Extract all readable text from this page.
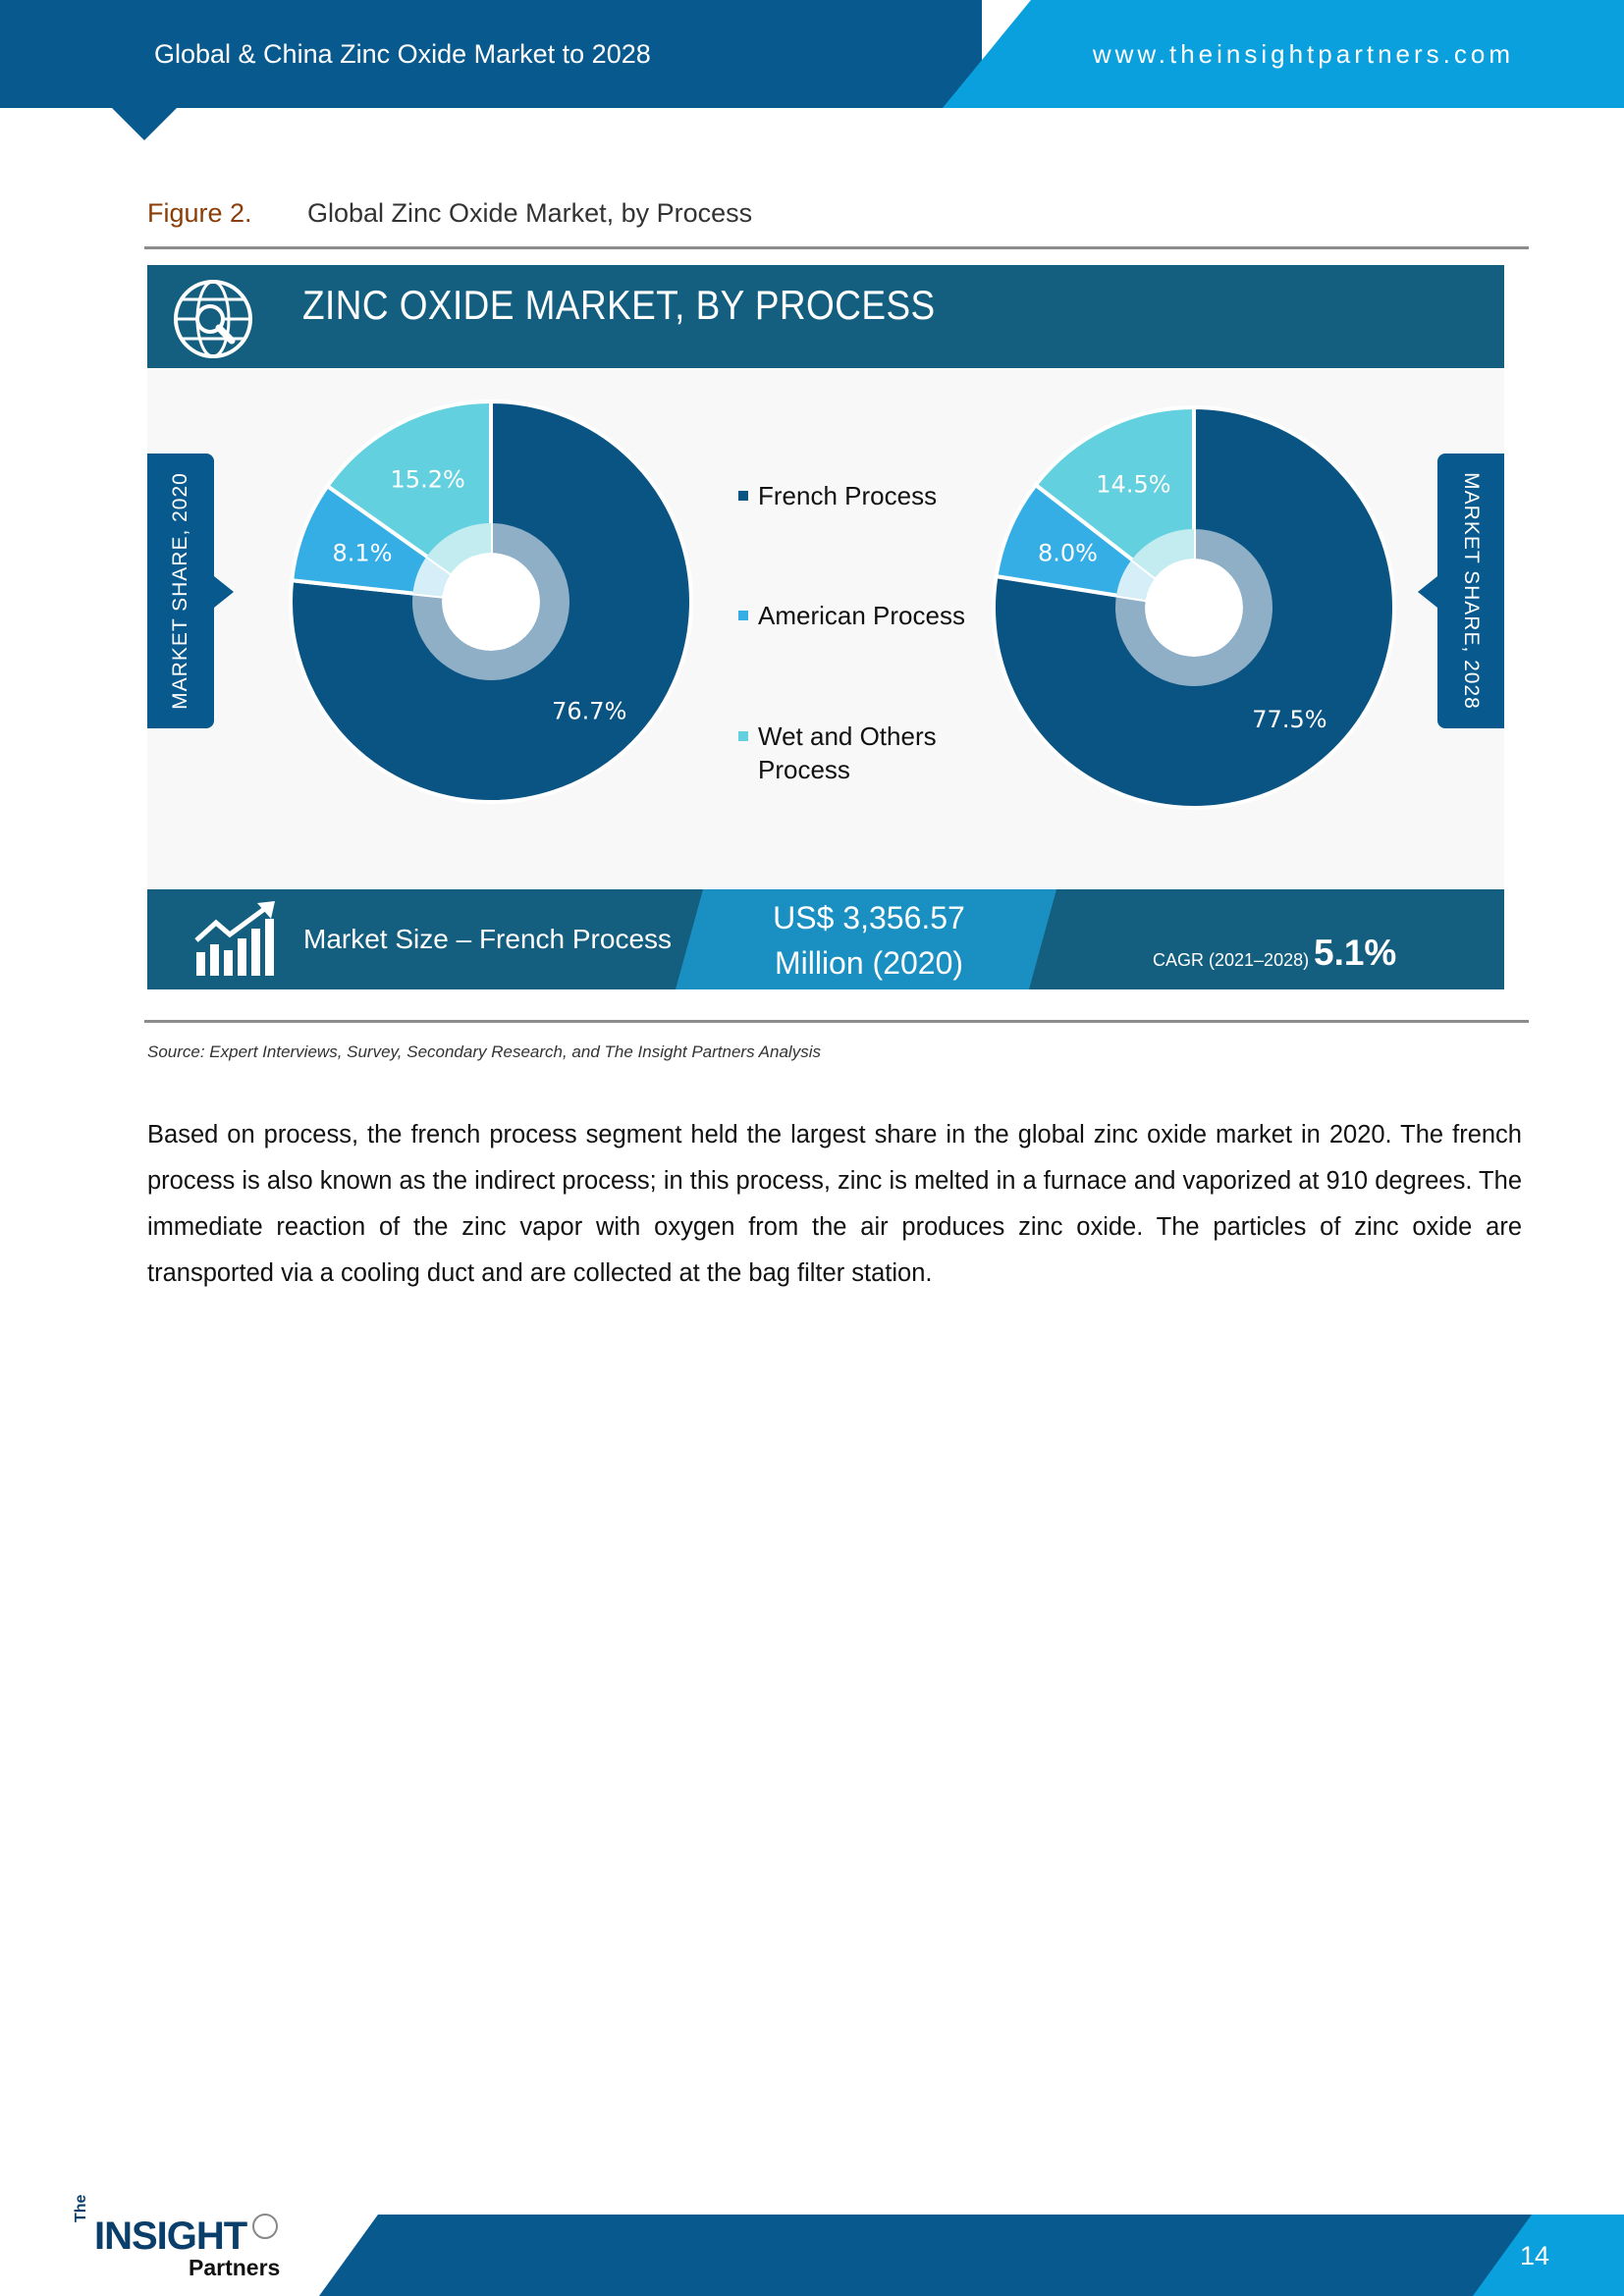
Global & China Zinc Oxide Market to 2028	www.theinsightpartners.com
Figure 2. Global Zinc Oxide Market, by Process
ZINC OXIDE MARKET, BY PROCESS
MARKET SHARE, 2020	MARKET SHARE, 2028
76.7%
8.1%
15.2%
77.5%
8.0%
14.5%
French Process
American Process
Wet and Others Process
Market Size – French Process
US$ 3,356.57
Million (2020)	CAGR (2021–2028) 5.1%
Source: Expert Interviews, Survey, Secondary Research, and The Insight Partners Analysis
Based on process, the french process segment held the largest share in the global zinc oxide market in 2020. The french process is also known as the indirect process; in this process, zinc is melted in a furnace and vaporized at 910 degrees. The immediate reaction of the zinc vapor with oxygen from the air produces zinc oxide. The particles of zinc oxide are transported via a cooling duct and are collected at the bag filter station.
14
The
INSIGHT
Partners
